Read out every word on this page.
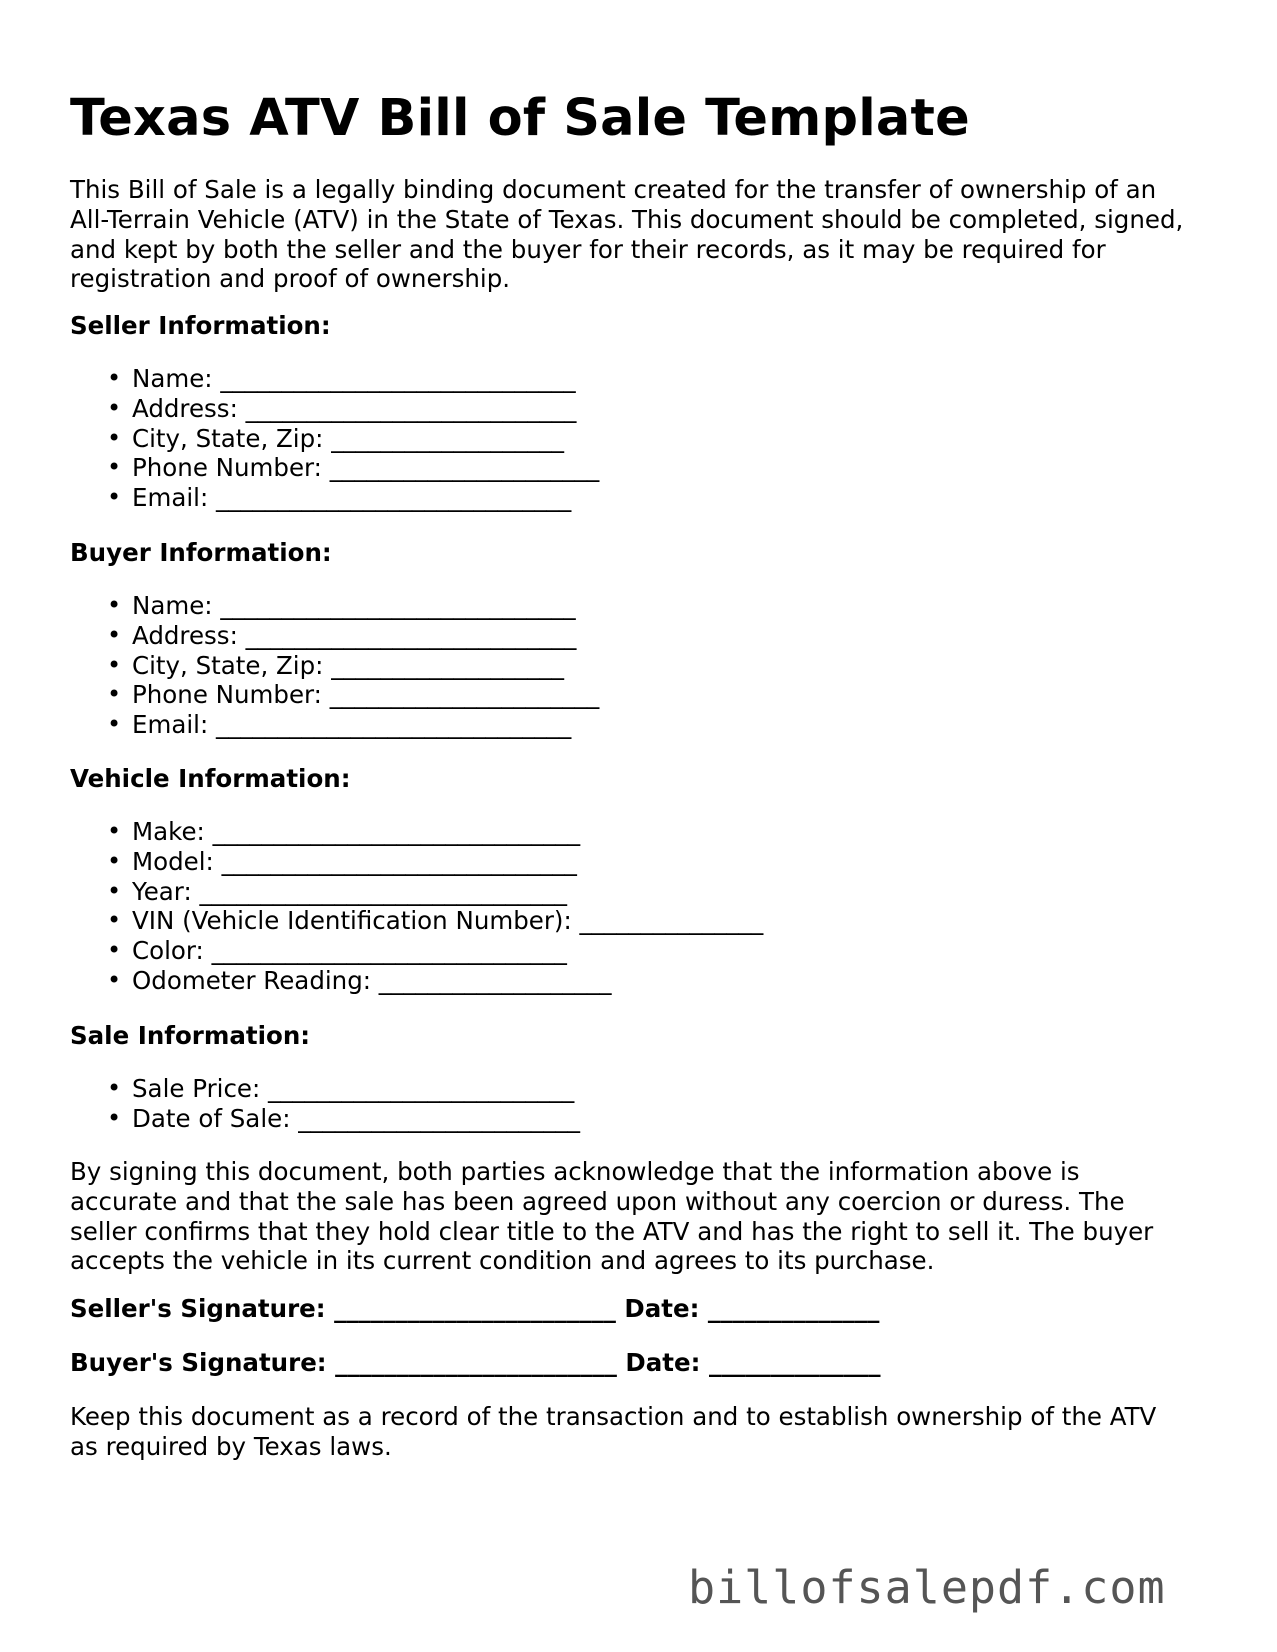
Texas ATV Bill of Sale Template

This Bill of Sale is a legally binding document created for the transfer of ownership of an
All-Terrain Vehicle (ATV) in the State of Texas. This document should be completed, signed,
and kept by both the seller and the buyer for their records, as it may be required for
registration and proof of ownership.

Seller Information:
• Name: _____________________________
• Address: ___________________________
• City, State, Zip: ___________________
• Phone Number: ______________________
• Email: _____________________________
Buyer Information:
• Name: _____________________________
• Address: ___________________________
• City, State, Zip: ___________________
• Phone Number: ______________________
• Email: _____________________________
Vehicle Information:
• Make: ______________________________
• Model: _____________________________
• Year: ______________________________
• VIN (Vehicle Identification Number): _______________
• Color: _____________________________
• Odometer Reading: ___________________
Sale Information:
• Sale Price: _________________________
• Date of Sale: _______________________

By signing this document, both parties acknowledge that the information above is
accurate and that the sale has been agreed upon without any coercion or duress. The
seller confirms that they hold clear title to the ATV and has the right to sell it. The buyer
accepts the vehicle in its current condition and agrees to its purchase.

Seller's Signature: _______________________ Date: ______________

Buyer's Signature: _______________________ Date: ______________

Keep this document as a record of the transaction and to establish ownership of the ATV
as required by Texas laws.

billofsalepdf.com
